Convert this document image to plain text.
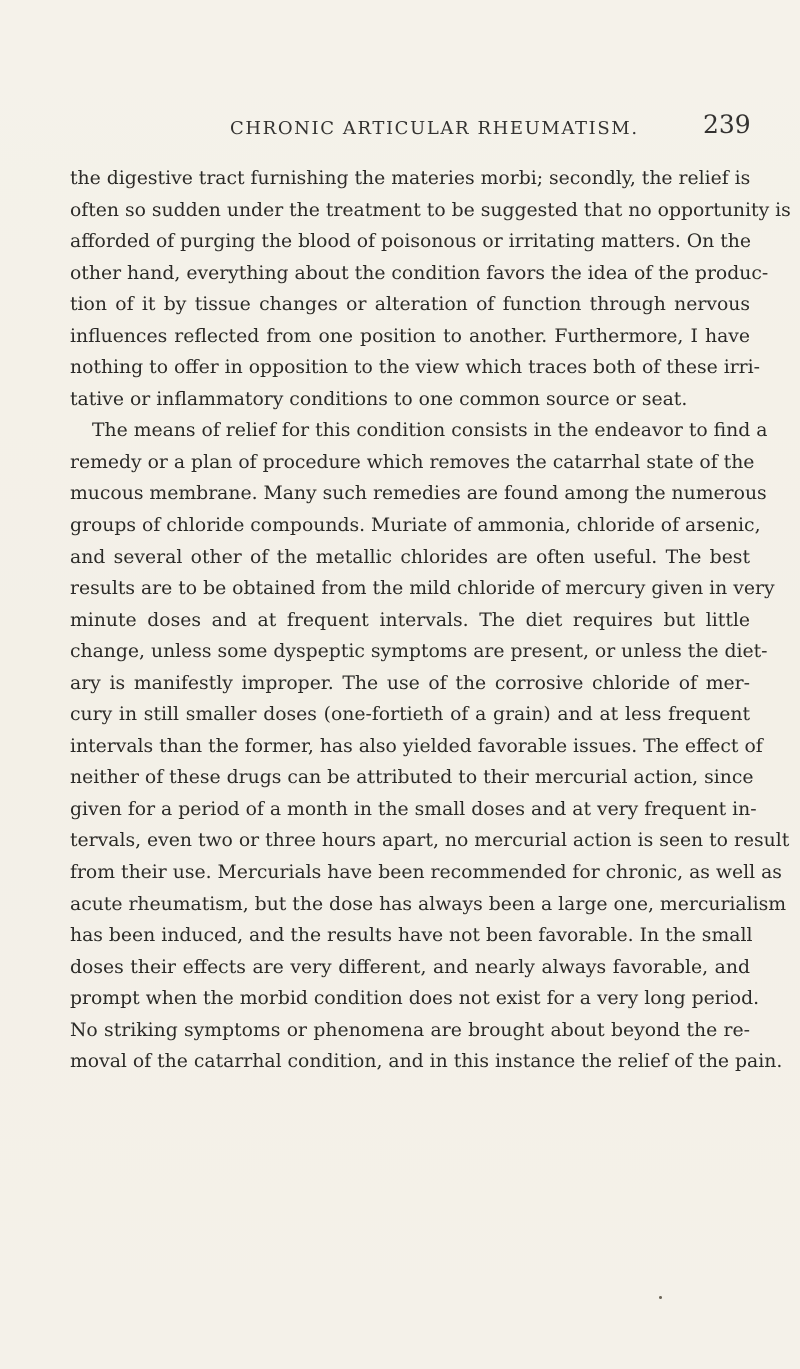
CHRONIC ARTICULAR RHEUMATISM.	239
the digestive tract furnishing the materies morbi; secondly, the relief is
often so sudden under the treatment to be suggested that no opportunity is
afforded of purging the blood of poisonous or irritating matters. On the
other hand, everything about the condition favors the idea of the produc-
tion of it by tissue changes or alteration of function through nervous
influences reflected from one position to another. Furthermore, I have
nothing to offer in opposition to the view which traces both of these irri-
tative or inflammatory conditions to one common source or seat.
The means of relief for this condition consists in the endeavor to find a
remedy or a plan of procedure which removes the catarrhal state of the
mucous membrane. Many such remedies are found among the numerous
groups of chloride compounds. Muriate of ammonia, chloride of arsenic,
and several other of the metallic chlorides are often useful. The best
results are to be obtained from the mild chloride of mercury given in very
minute doses and at frequent intervals. The diet requires but little
change, unless some dyspeptic symptoms are present, or unless the diet-
ary is manifestly improper. The use of the corrosive chloride of mer-
cury in still smaller doses (one-fortieth of a grain) and at less frequent
intervals than the former, has also yielded favorable issues. The effect of
neither of these drugs can be attributed to their mercurial action, since
given for a period of a month in the small doses and at very frequent in-
tervals, even two or three hours apart, no mercurial action is seen to result
from their use. Mercurials have been recommended for chronic, as well as
acute rheumatism, but the dose has always been a large one, mercurialism
has been induced, and the results have not been favorable. In the small
doses their effects are very different, and nearly always favorable, and
prompt when the morbid condition does not exist for a very long period.
No striking symptoms or phenomena are brought about beyond the re-
moval of the catarrhal condition, and in this instance the relief of the pain.
